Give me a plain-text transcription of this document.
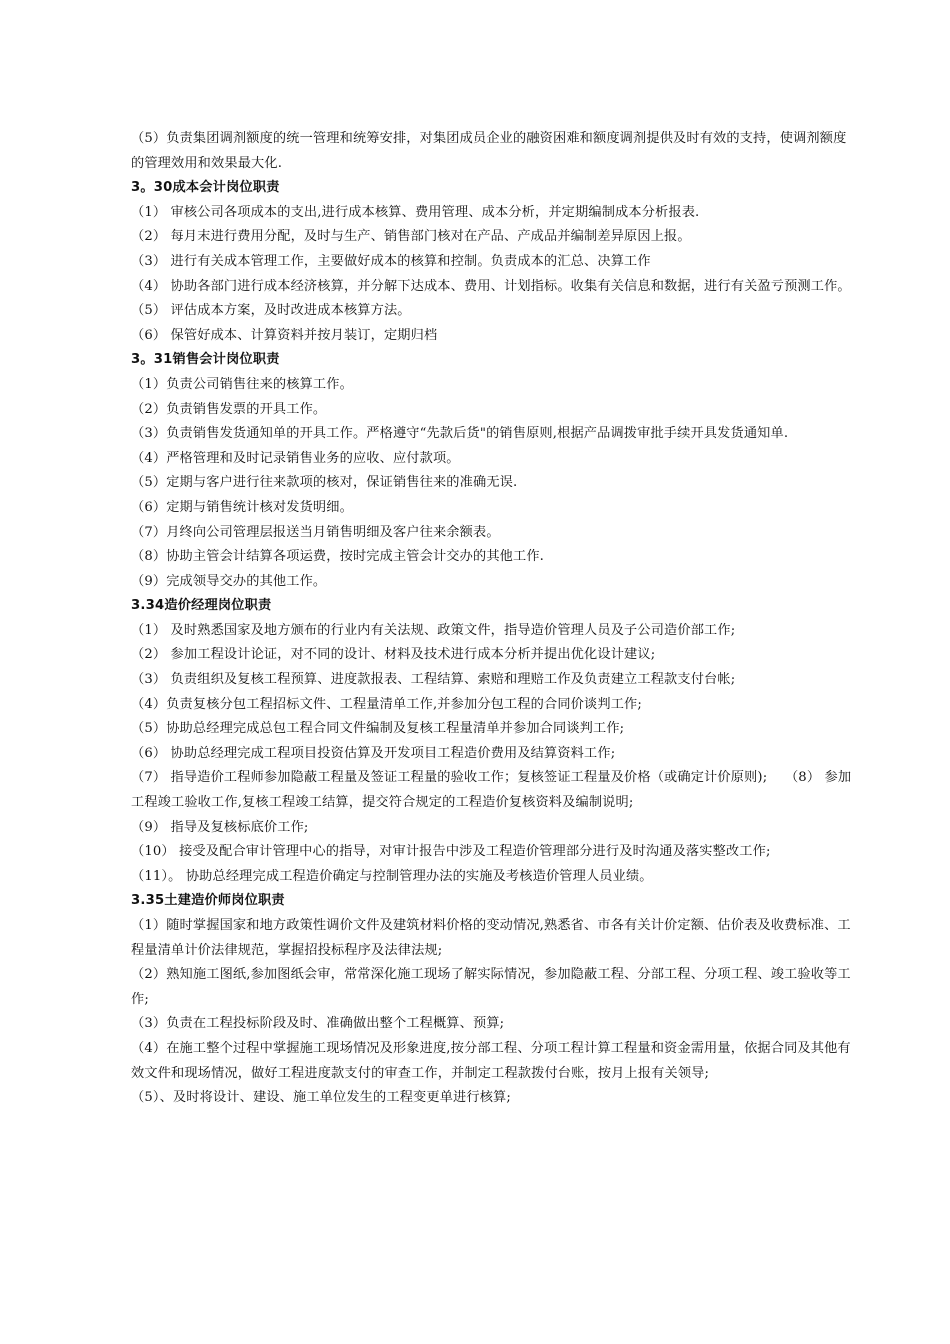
（5）负责集团调剂额度的统一管理和统筹安排，对集团成员企业的融资困难和额度调剂提供及时有效的支持，使调剂额度的管理效用和效果最大化.

3。30成本会计岗位职责

（1） 审核公司各项成本的支出,进行成本核算、费用管理、成本分析，并定期编制成本分析报表.

（2） 每月末进行费用分配，及时与生产、销售部门核对在产品、产成品并编制差异原因上报。

（3） 进行有关成本管理工作，主要做好成本的核算和控制。负责成本的汇总、决算工作

（4） 协助各部门进行成本经济核算，并分解下达成本、费用、计划指标。收集有关信息和数据，进行有关盈亏预测工作。

（5） 评估成本方案，及时改进成本核算方法。

（6） 保管好成本、计算资料并按月装订，定期归档

3。31销售会计岗位职责

（1）负责公司销售往来的核算工作。

（2）负责销售发票的开具工作。

（3）负责销售发货通知单的开具工作。严格遵守“先款后货"的销售原则,根据产品调拨审批手续开具发货通知单.

（4）严格管理和及时记录销售业务的应收、应付款项。

（5）定期与客户进行往来款项的核对，保证销售往来的准确无误.

（6）定期与销售统计核对发货明细。

（7）月终向公司管理层报送当月销售明细及客户往来余额表。

（8）协助主管会计结算各项运费，按时完成主管会计交办的其他工作.

（9）完成领导交办的其他工作。

3.34造价经理岗位职责

（1） 及时熟悉国家及地方颁布的行业内有关法规、政策文件，指导造价管理人员及子公司造价部工作;

（2） 参加工程设计论证，对不同的设计、材料及技术进行成本分析并提出优化设计建议;

（3） 负责组织及复核工程预算、进度款报表、工程结算、索赔和理赔工作及负责建立工程款支付台帐;

（4）负责复核分包工程招标文件、工程量清单工作,并参加分包工程的合同价谈判工作;

（5）协助总经理完成总包工程合同文件编制及复核工程量清单并参加合同谈判工作;

（6） 协助总经理完成工程项目投资估算及开发项目工程造价费用及结算资料工作;

（7） 指导造价工程师参加隐蔽工程量及签证工程量的验收工作；复核签证工程量及价格（或确定计价原则);　 （8） 参加工程竣工验收工作,复核工程竣工结算，提交符合规定的工程造价复核资料及编制说明;

（9） 指导及复核标底价工作;

（10） 接受及配合审计管理中心的指导，对审计报告中涉及工程造价管理部分进行及时沟通及落实整改工作;

（11）。 协助总经理完成工程造价确定与控制管理办法的实施及考核造价管理人员业绩。

3.35土建造价师岗位职责

（1）随时掌握国家和地方政策性调价文件及建筑材料价格的变动情况,熟悉省、市各有关计价定额、估价表及收费标准、工程量清单计价法律规范，掌握招投标程序及法律法规;

（2）熟知施工图纸,参加图纸会审，常常深化施工现场了解实际情况，参加隐蔽工程、分部工程、分项工程、竣工验收等工作;

（3）负责在工程投标阶段及时、准确做出整个工程概算、预算;

（4）在施工整个过程中掌握施工现场情况及形象进度,按分部工程、分项工程计算工程量和资金需用量，依据合同及其他有效文件和现场情况，做好工程进度款支付的审查工作，并制定工程款拨付台账，按月上报有关领导;

（5）、及时将设计、建设、施工单位发生的工程变更单进行核算;
